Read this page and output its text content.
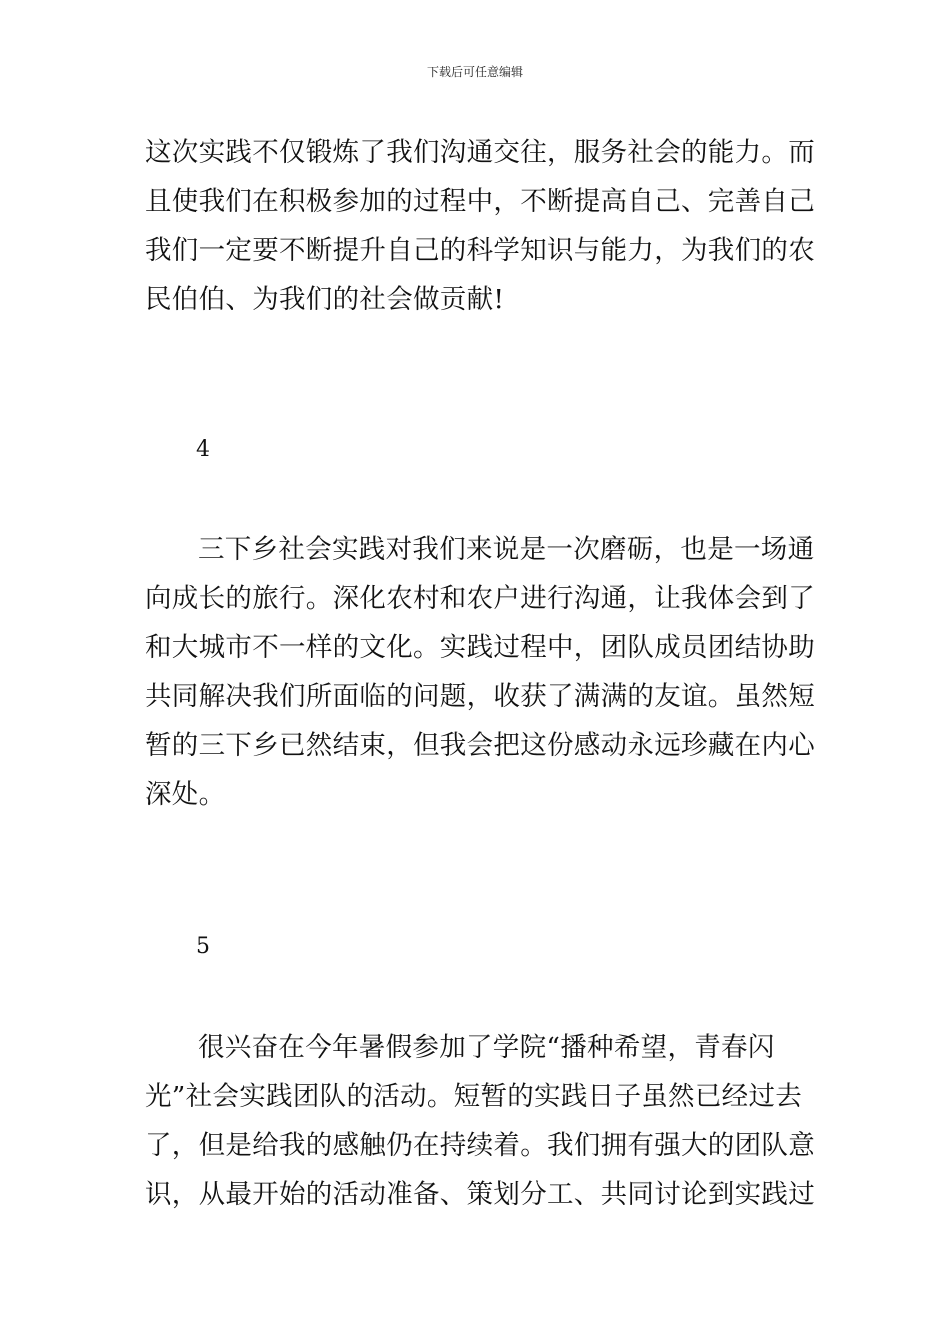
下载后可任意编辑
这次实践不仅锻炼了我们沟通交往，服务社会的能力。而
且使我们在积极参加的过程中，不断提高自己、完善自己
我们一定要不断提升自己的科学知识与能力，为我们的农
民伯伯、为我们的社会做贡献!
4
三下乡社会实践对我们来说是一次磨砺，也是一场通
向成长的旅行。深化农村和农户进行沟通，让我体会到了
和大城市不一样的文化。实践过程中，团队成员团结协助
共同解决我们所面临的问题，收获了满满的友谊。虽然短
暂的三下乡已然结束，但我会把这份感动永远珍藏在内心
深处。
5
很兴奋在今年暑假参加了学院“播种希望，青春闪
光”社会实践团队的活动。短暂的实践日子虽然已经过去
了，但是给我的感触仍在持续着。我们拥有强大的团队意
识，从最开始的活动准备、策划分工、共同讨论到实践过
